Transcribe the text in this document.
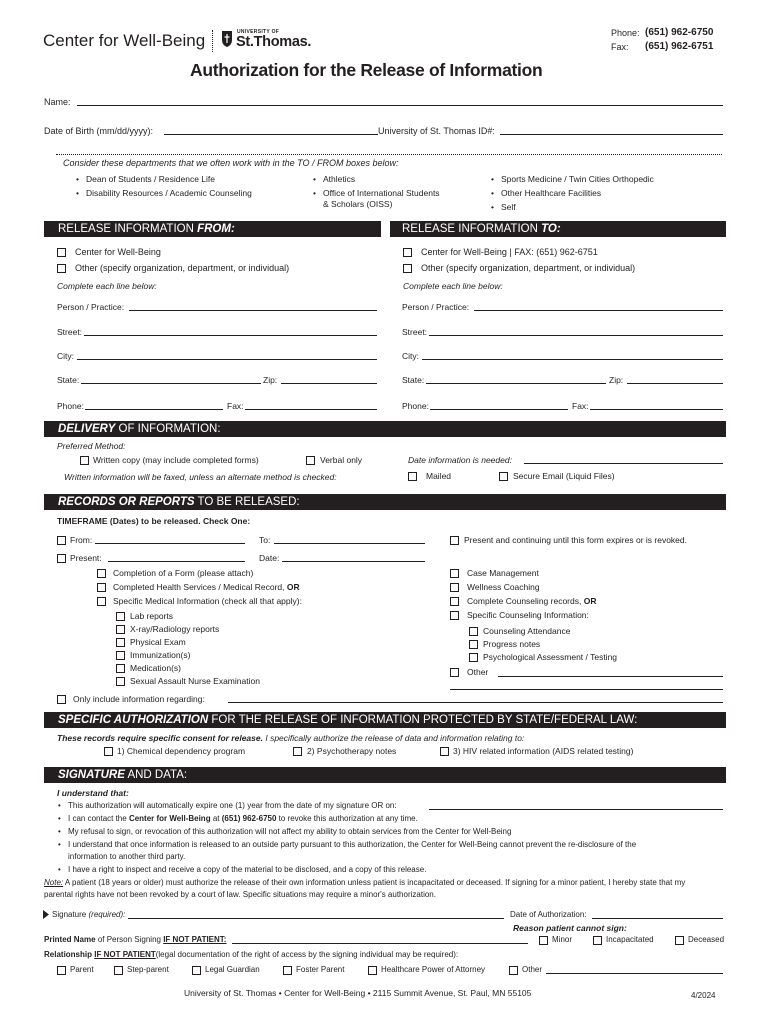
Center for Well-Being	UNIVERSITY OF
St.Thomas.
Phone: (651) 962-6750
Fax: (651) 962-6751
Authorization for the Release of Information
Name:
Date of Birth (mm/dd/yyyy):	University of St. Thomas ID#:
Consider these departments that we often work with in the TO / FROM boxes below:
• Dean of Students / Residence Life
• Disability Resources / Academic Counseling
• Athletics
• Office of International Students
& Scholars (OISS)
• Sports Medicine / Twin Cities Orthopedic
• Other Healthcare Facilities
• Self
RELEASE INFORMATION FROM:
Center for Well-Being
Other (specify organization, department, or individual)
Complete each line below:
Person / Practice:
Street:
City:
State:	Zip:
Phone:	Fax:
RELEASE INFORMATION TO:
Center for Well-Being | FAX: (651) 962-6751
Other (specify organization, department, or individual)
Complete each line below:
Person / Practice:
Street:
City:
State:	Zip:
Phone:	Fax:
DELIVERY OF INFORMATION:
Preferred Method:
Written copy (may include completed forms)	Verbal only	Date information is needed:
Written information will be faxed, unless an alternate method is checked:	Mailed	Secure Email (Liquid Files)
RECORDS OR REPORTS TO BE RELEASED:
TIMEFRAME (Dates) to be released. Check One:
From:	To:	Present and continuing until this form expires or is revoked.
Present:	Date:
Completion of a Form (please attach)
Completed Health Services / Medical Record, OR
Specific Medical Information (check all that apply):
Lab reports
X-ray/Radiology reports
Physical Exam
Immunization(s)
Medication(s)
Sexual Assault Nurse Examination
Case Management
Wellness Coaching
Complete Counseling records, OR
Specific Counseling Information:
Counseling Attendance
Progress notes
Psychological Assessment / Testing
Other
Only include information regarding:
SPECIFIC AUTHORIZATION FOR THE RELEASE OF INFORMATION PROTECTED BY STATE/FEDERAL LAW:
These records require specific consent for release. I specifically authorize the release of data and information relating to:
1) Chemical dependency program	2) Psychotherapy notes	3) HIV related information (AIDS related testing)
SIGNATURE AND DATA:
I understand that:
• This authorization will automatically expire one (1) year from the date of my signature OR on:
• I can contact the Center for Well-Being at (651) 962-6750 to revoke this authorization at any time.
• My refusal to sign, or revocation of this authorization will not affect my ability to obtain services from the Center for Well-Being
• I understand that once information is released to an outside party pursuant to this authorization, the Center for Well-Being cannot prevent the re-disclosure of the
information to another third party.
• I have a right to inspect and receive a copy of the material to be disclosed, and a copy of this release.
Note: A patient (18 years or older) must authorize the release of their own information unless patient is incapacitated or deceased. If signing for a minor patient, I hereby state that my
parental rights have not been revoked by a court of law. Specific situations may require a minor's authorization.
Signature (required):	Date of Authorization:
Reason patient cannot sign:
Printed Name of Person Signing IF NOT PATIENT:	Minor	Incapacitated	Deceased
Relationship IF NOT PATIENT(legal documentation of the right of access by the signing individual may be required):
Parent	Step-parent	Legal Guardian	Foster Parent	Healthcare Power of Attorney	Other
University of St. Thomas • Center for Well-Being • 2115 Summit Avenue, St. Paul, MN 55105	4/2024
